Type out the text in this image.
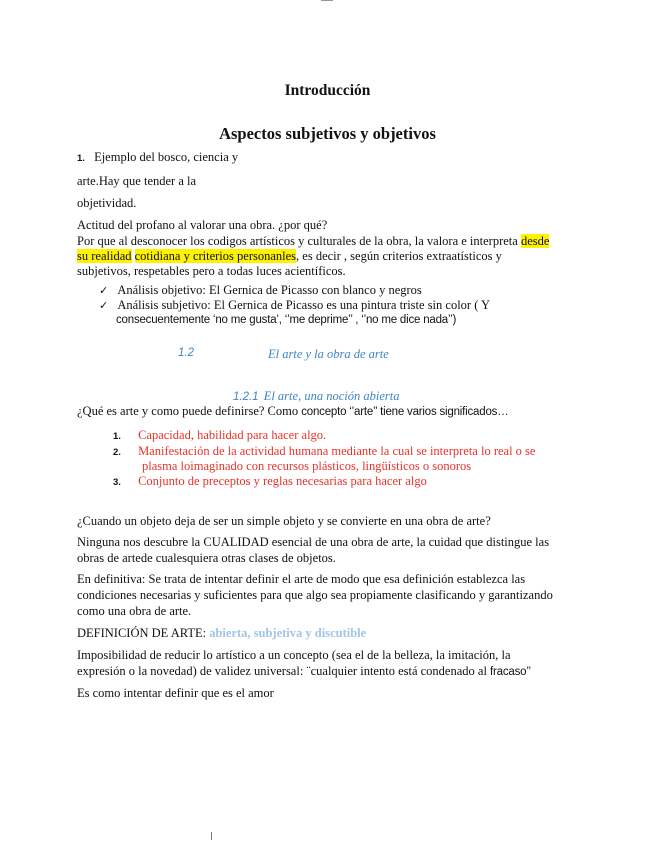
Introducción
Aspectos subjetivos y objetivos
1. Ejemplo del bosco, ciencia y
arte.Hay que tender a la
objetividad.
Actitud del profano al valorar una obra. ¿por qué?
Por que al desconocer los codigos artísticos y culturales de la obra, la valora e interpreta desde
su realidad cotidiana y criterios personanles, es decir , según criterios extraatísticos y
subjetivos, respetables pero a todas luces acientíficos.
✓ Análisis objetivo: El Gernica de Picasso con blanco y negros
✓ Análisis subjetivo: El Gernica de Picasso es una pintura triste sin color ( Y
consecuentemente ‘no me gusta’, ‘’me deprime’’ , ‘’no me dice nada’’)
1.2	El arte y la obra de arte
1.2.1 El arte, una noción abierta
¿Qué es arte y como puede definirse? Como concepto ‘’arte’’ tiene varios significados…
1. Capacidad, habilidad para hacer algo.
2. Manifestación de la actividad humana mediante la cual se interpreta lo real o se
plasma loimaginado con recursos plásticos, lingüísticos o sonoros
3. Conjunto de preceptos y reglas necesarias para hacer algo
¿Cuando un objeto deja de ser un simple objeto y se convierte en una obra de arte?
Ninguna nos descubre la CUALIDAD esencial de una obra de arte, la cuidad que distingue las
obras de artede cualesquiera otras clases de objetos.
En definitiva: Se trata de intentar definir el arte de modo que esa definición establezca las
condiciones necesarias y suficientes para que algo sea propiamente clasificando y garantizando
como una obra de arte.
DEFINICIÓN DE ARTE: abierta, subjetiva y discutible
Imposibilidad de reducir lo artístico a un concepto (sea el de la belleza, la imitación, la
expresión o la novedad) de validez universal: ¨cualquier intento está condenado al fracaso’’
Es como intentar definir que es el amor
